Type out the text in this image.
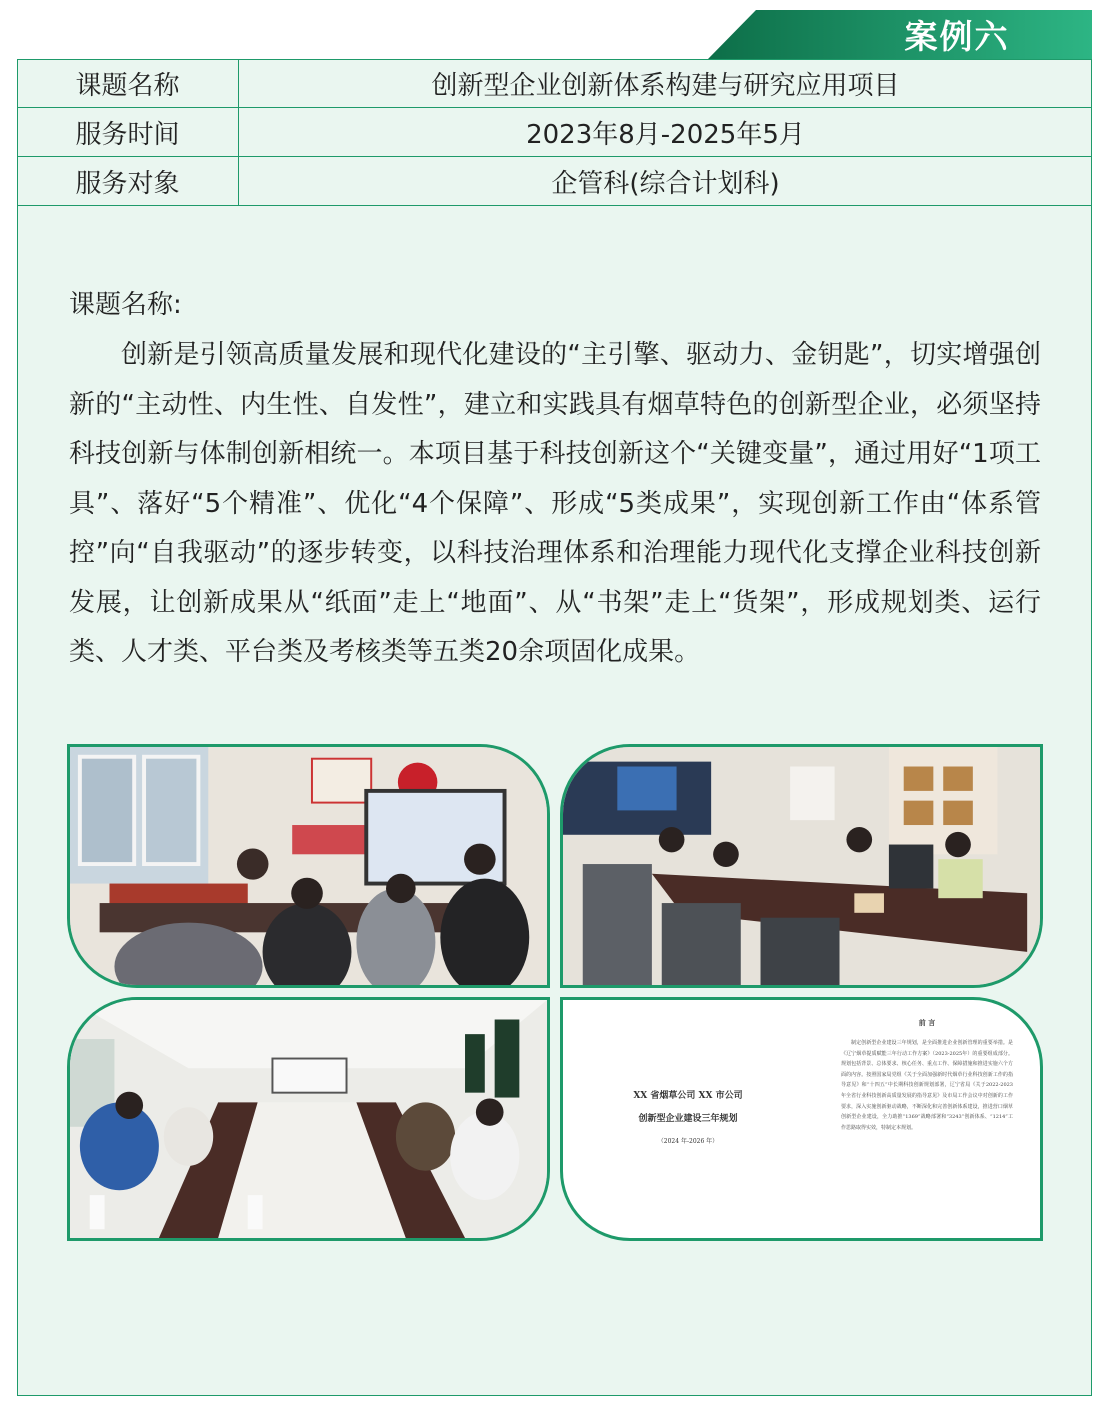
案例六
课题名称	创新型企业创新体系构建与研究应用项目
服务时间	2023年8月-2025年5月
服务对象	企管科(综合计划科)
课题名称:
创新是引领高质量发展和现代化建设的“主引擎、驱动力、金钥匙”，切实增强创新的“主动性、内生性、自发性”，建立和实践具有烟草特色的创新型企业，必须坚持科技创新与体制创新相统一。本项目基于科技创新这个“关键变量”，通过用好“1项工具”、落好“5个精准”、优化“4个保障”、形成“5类成果”，实现创新工作由“体系管控”向“自我驱动”的逐步转变，以科技治理体系和治理能力现代化支撑企业科技创新发展，让创新成果从“纸面”走上“地面”、从“书架”走上“货架”，形成规划类、运行类、人才类、平台类及考核类等五类20余项固化成果。
XX 省烟草公司 XX 市公司
创新型企业建设三年规划
（2024 年-2026 年）
前 言
制定创新型企业建设三年规划，是全面推进企业创新管理的重要举措。是《辽宁烟草提质赋能三年行动工作方案》（2023-2025年）的重要组成部分。规划包括背景、总体要求、核心任务、重点工作、保障措施和推进实施六个方面的内容。按照国家局党组《关于全面加强新时代烟草行业科技创新工作的指导意见》和“十四五”中长期科技创新规划部署，辽宁省局《关于2022-2023年全省行业科技创新高质量发展的指导意见》及市局工作会议中对创新的工作要求，深入实施创新驱动战略，不断深化和完善创新体系建设，推进营口烟草创新型企业建设，全力助推“1369”战略部署和“3243”创新体系、“1214”工作思路取得实效，特制定本规划。
